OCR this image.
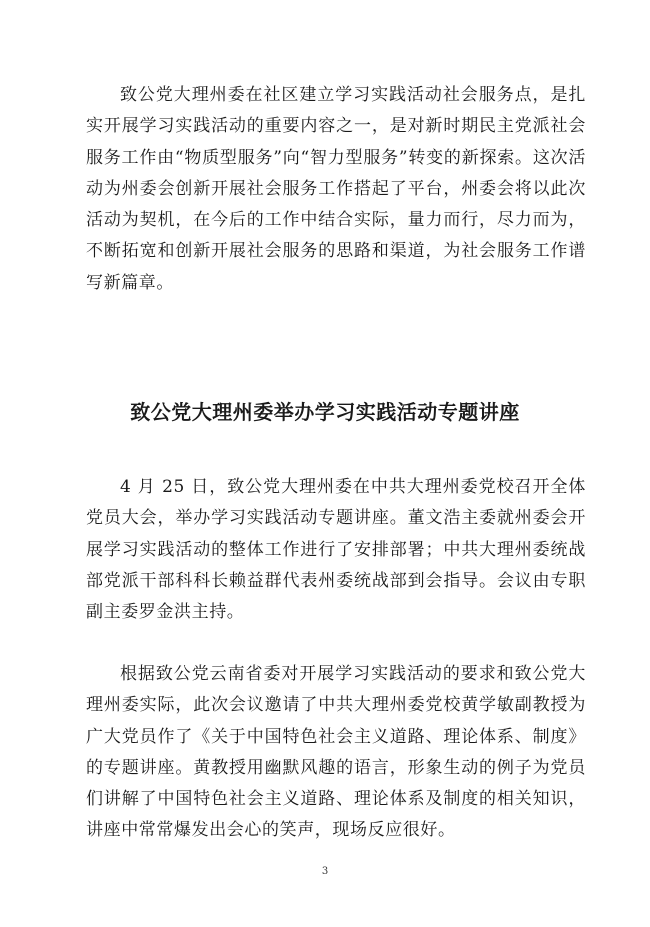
致公党大理州委在社区建立学习实践活动社会服务点，是扎实开展学习实践活动的重要内容之一，是对新时期民主党派社会服务工作由“物质型服务”向“智力型服务”转变的新探索。这次活动为州委会创新开展社会服务工作搭起了平台，州委会将以此次活动为契机，在今后的工作中结合实际，量力而行，尽力而为，不断拓宽和创新开展社会服务的思路和渠道，为社会服务工作谱写新篇章。

致公党大理州委举办学习实践活动专题讲座

4 月 25 日，致公党大理州委在中共大理州委党校召开全体党员大会，举办学习实践活动专题讲座。董文浩主委就州委会开展学习实践活动的整体工作进行了安排部署；中共大理州委统战部党派干部科科长赖益群代表州委统战部到会指导。会议由专职副主委罗金洪主持。

根据致公党云南省委对开展学习实践活动的要求和致公党大理州委实际，此次会议邀请了中共大理州委党校黄学敏副教授为广大党员作了《关于中国特色社会主义道路、理论体系、制度》的专题讲座。黄教授用幽默风趣的语言，形象生动的例子为党员们讲解了中国特色社会主义道路、理论体系及制度的相关知识，讲座中常常爆发出会心的笑声，现场反应很好。

3
